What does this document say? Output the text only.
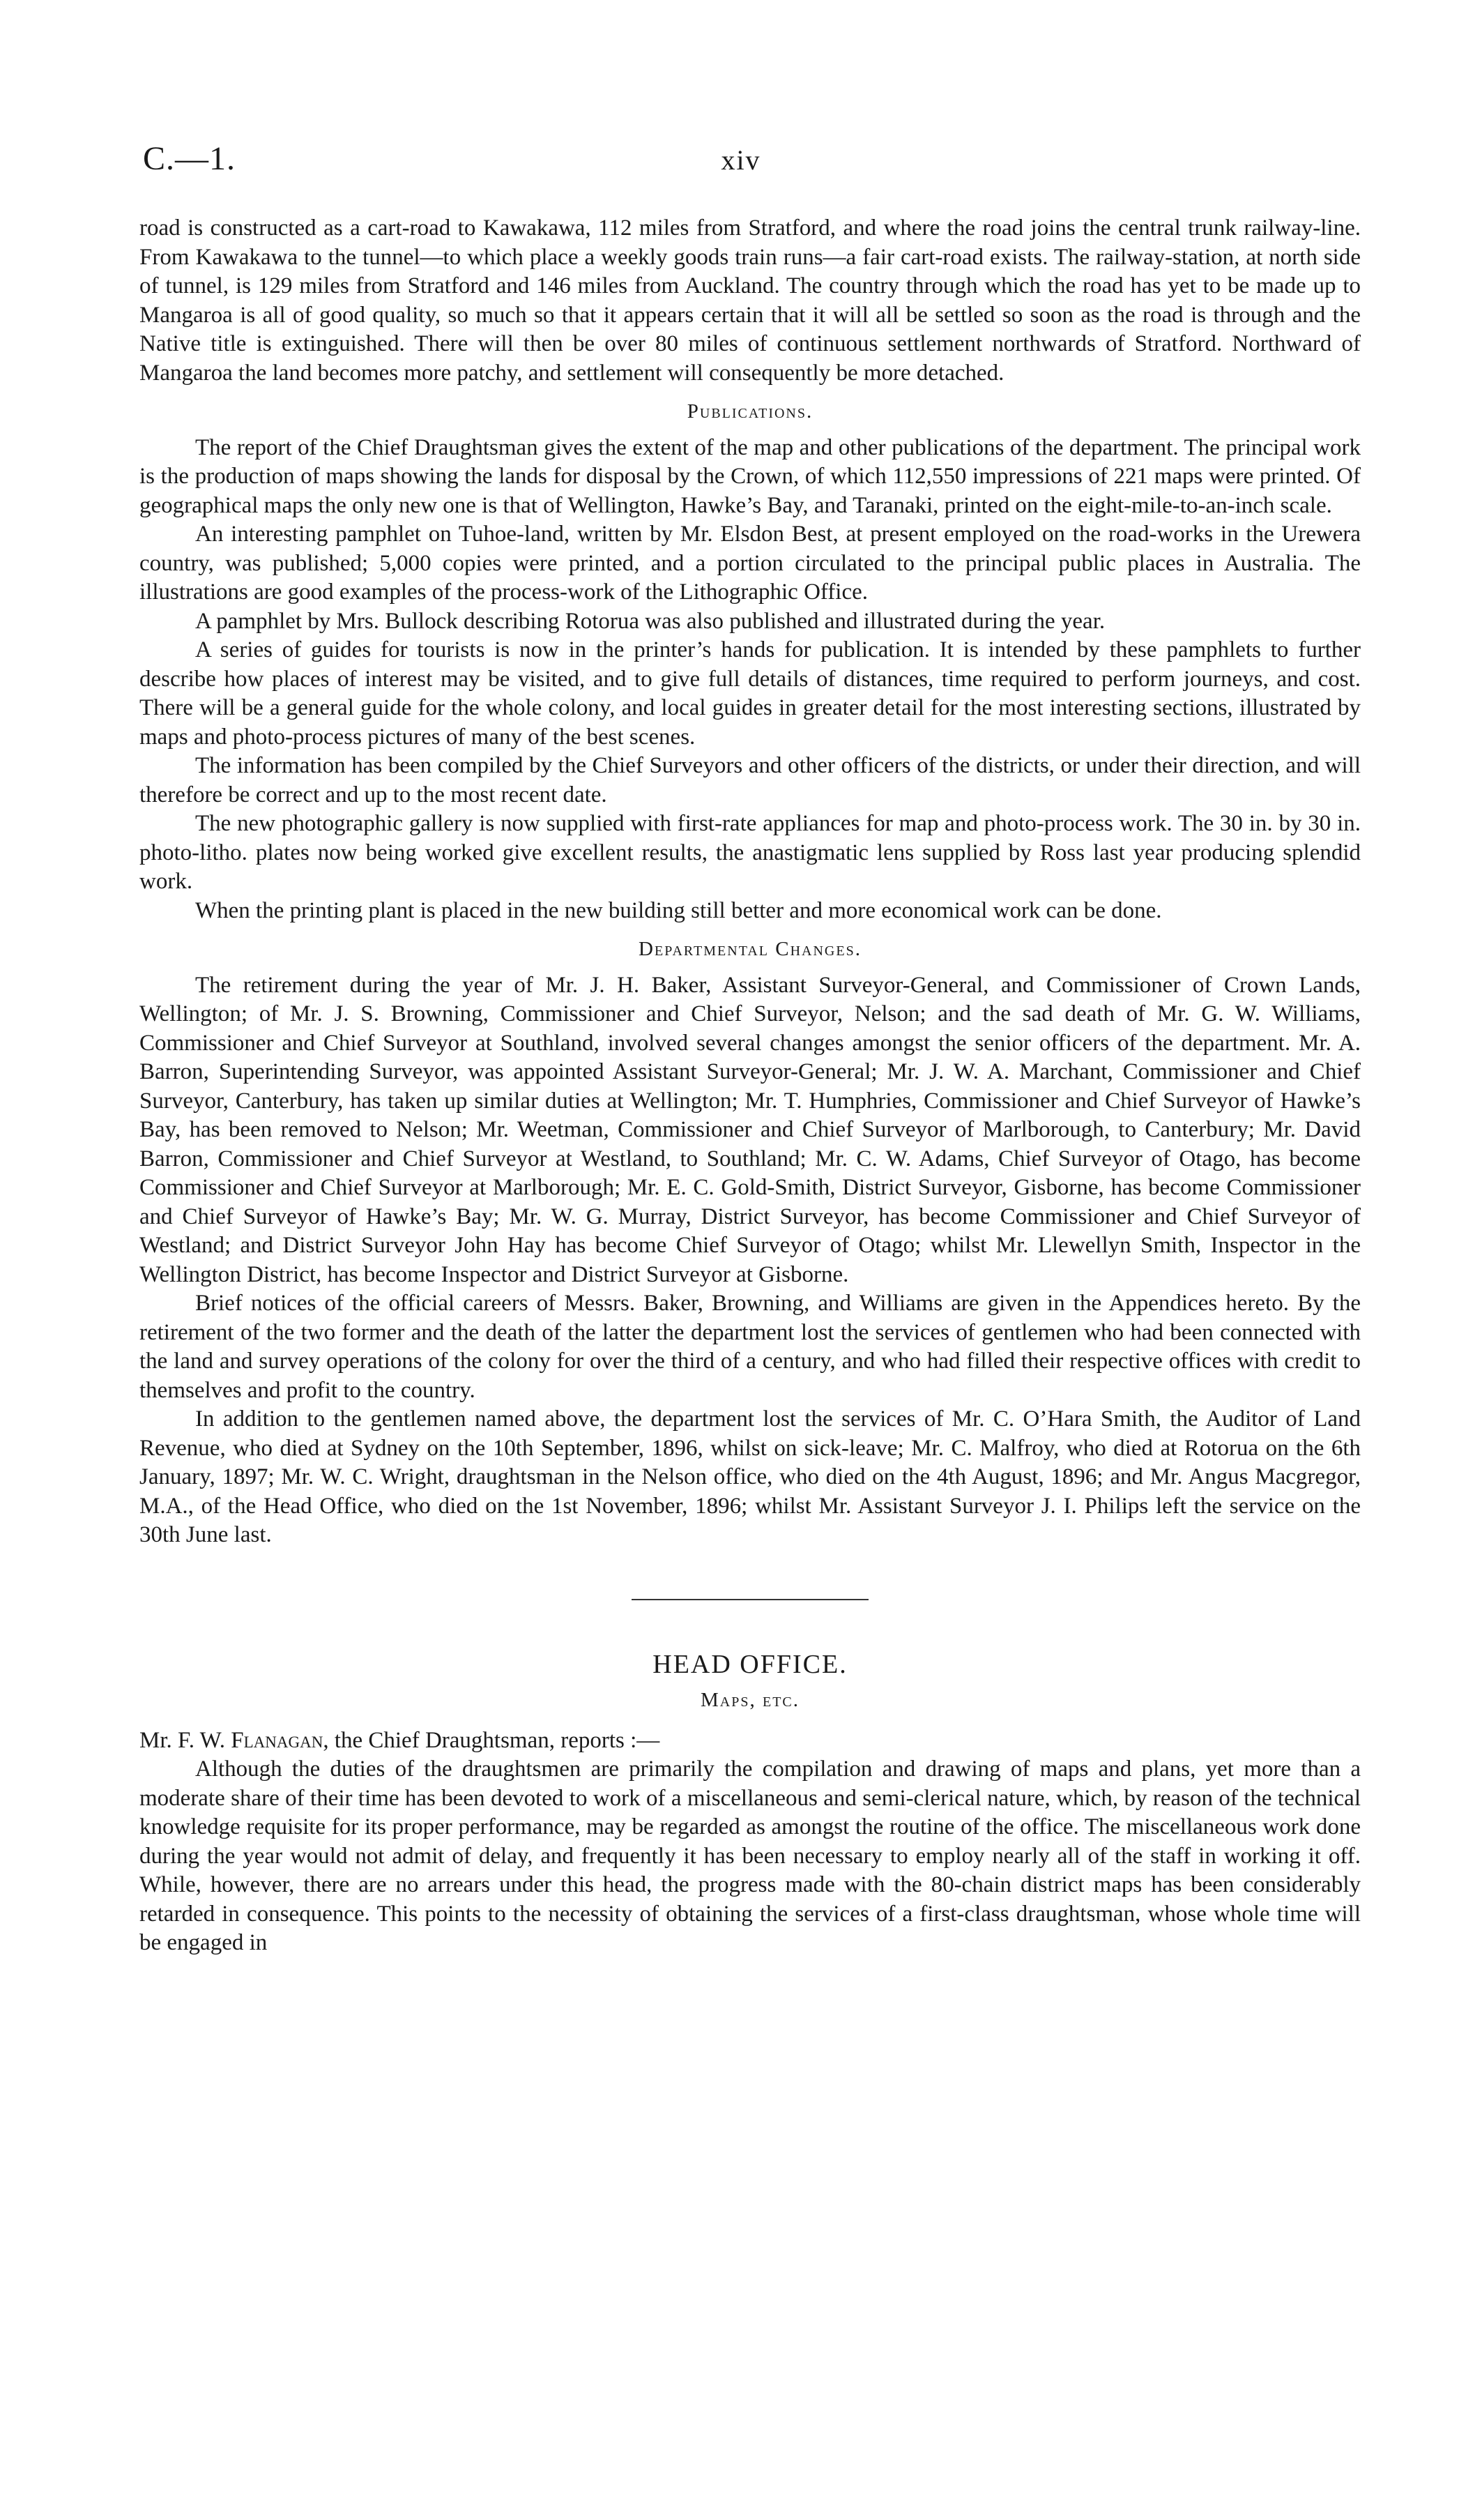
C.—1.	xiv

road is constructed as a cart-road to Kawakawa, 112 miles from Stratford, and where the road joins the central trunk railway-line. From Kawakawa to the tunnel—to which place a weekly goods train runs—a fair cart-road exists. The railway-station, at north side of tunnel, is 129 miles from Stratford and 146 miles from Auckland. The country through which the road has yet to be made up to Mangaroa is all of good quality, so much so that it appears certain that it will all be settled so soon as the road is through and the Native title is extinguished. There will then be over 80 miles of continuous settlement northwards of Stratford. Northward of Mangaroa the land becomes more patchy, and settlement will consequently be more detached.

Publications.

The report of the Chief Draughtsman gives the extent of the map and other publications of the department. The principal work is the production of maps showing the lands for disposal by the Crown, of which 112,550 impressions of 221 maps were printed. Of geographical maps the only new one is that of Wellington, Hawke’s Bay, and Taranaki, printed on the eight-mile-to-an-inch scale.

An interesting pamphlet on Tuhoe-land, written by Mr. Elsdon Best, at present employed on the road-works in the Urewera country, was published; 5,000 copies were printed, and a portion circulated to the principal public places in Australia. The illustrations are good examples of the process-work of the Lithographic Office.

A pamphlet by Mrs. Bullock describing Rotorua was also published and illustrated during the year.

A series of guides for tourists is now in the printer’s hands for publication. It is intended by these pamphlets to further describe how places of interest may be visited, and to give full details of distances, time required to perform journeys, and cost. There will be a general guide for the whole colony, and local guides in greater detail for the most interesting sections, illustrated by maps and photo-process pictures of many of the best scenes.

The information has been compiled by the Chief Surveyors and other officers of the districts, or under their direction, and will therefore be correct and up to the most recent date.

The new photographic gallery is now supplied with first-rate appliances for map and photo-process work. The 30 in. by 30 in. photo-litho. plates now being worked give excellent results, the anastigmatic lens supplied by Ross last year producing splendid work.

When the printing plant is placed in the new building still better and more economical work can be done.

Departmental Changes.

The retirement during the year of Mr. J. H. Baker, Assistant Surveyor-General, and Commissioner of Crown Lands, Wellington; of Mr. J. S. Browning, Commissioner and Chief Surveyor, Nelson; and the sad death of Mr. G. W. Williams, Commissioner and Chief Surveyor at Southland, involved several changes amongst the senior officers of the department. Mr. A. Barron, Superintending Surveyor, was appointed Assistant Surveyor-General; Mr. J. W. A. Marchant, Commissioner and Chief Surveyor, Canterbury, has taken up similar duties at Wellington; Mr. T. Humphries, Commissioner and Chief Surveyor of Hawke’s Bay, has been removed to Nelson; Mr. Weetman, Commissioner and Chief Surveyor of Marlborough, to Canterbury; Mr. David Barron, Commissioner and Chief Surveyor at Westland, to Southland; Mr. C. W. Adams, Chief Surveyor of Otago, has become Commissioner and Chief Surveyor at Marlborough; Mr. E. C. Gold-Smith, District Surveyor, Gisborne, has become Commissioner and Chief Surveyor of Hawke’s Bay; Mr. W. G. Murray, District Surveyor, has become Commissioner and Chief Surveyor of Westland; and District Surveyor John Hay has become Chief Surveyor of Otago; whilst Mr. Llewellyn Smith, Inspector in the Wellington District, has become Inspector and District Surveyor at Gisborne.

Brief notices of the official careers of Messrs. Baker, Browning, and Williams are given in the Appendices hereto. By the retirement of the two former and the death of the latter the department lost the services of gentlemen who had been connected with the land and survey operations of the colony for over the third of a century, and who had filled their respective offices with credit to themselves and profit to the country.

In addition to the gentlemen named above, the department lost the services of Mr. C. O’Hara Smith, the Auditor of Land Revenue, who died at Sydney on the 10th September, 1896, whilst on sick-leave; Mr. C. Malfroy, who died at Rotorua on the 6th January, 1897; Mr. W. C. Wright, draughtsman in the Nelson office, who died on the 4th August, 1896; and Mr. Angus Macgregor, M.A., of the Head Office, who died on the 1st November, 1896; whilst Mr. Assistant Surveyor J. I. Philips left the service on the 30th June last.

HEAD OFFICE.
Maps, etc.

Mr. F. W. Flanagan, the Chief Draughtsman, reports :—

Although the duties of the draughtsmen are primarily the compilation and drawing of maps and plans, yet more than a moderate share of their time has been devoted to work of a miscellaneous and semi-clerical nature, which, by reason of the technical knowledge requisite for its proper performance, may be regarded as amongst the routine of the office. The miscellaneous work done during the year would not admit of delay, and frequently it has been necessary to employ nearly all of the staff in working it off. While, however, there are no arrears under this head, the progress made with the 80-chain district maps has been considerably retarded in consequence. This points to the necessity of obtaining the services of a first-class draughtsman, whose whole time will be engaged in
